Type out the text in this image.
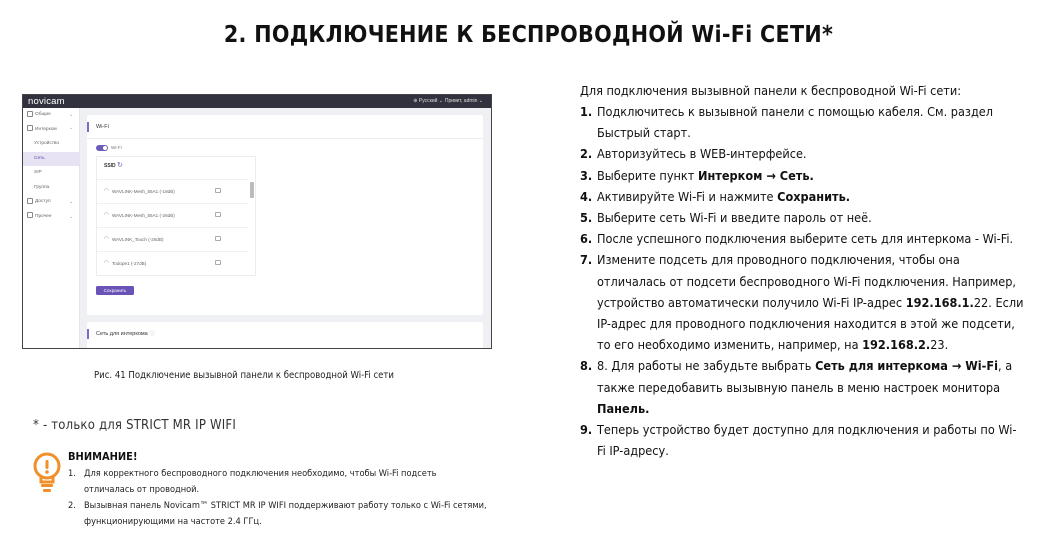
2. ПОДКЛЮЧЕНИЕ К БЕСПРОВОДНОЙ Wi-Fi СЕТИ*
novicam	⊕ Русский ⌄ Привет, admin ⌄
Общие	⌄
Интерком	⌃
Устройство
Сеть
SIP
Группа
Доступ	⌄
Прочее	⌄
Wi-Fi
Wi-Fi
SSID ↻
◠ WAVLINK-Mesh_55A1 (-18dB)
◠ WAVLINK-Mesh_55A1 (-26dB)
◠ WAVLINK_Touch (-26dB)
◠ Todope1 (-27dB)
Сохранить
Сеть для интеркома ⓘ
Рис. 41 Подключение вызывной панели к беспроводной Wi-Fi сети
* - только для STRICT MR IP WIFI
ВНИМАНИЕ!
1. Для корректного беспроводного подключения необходимо, чтобы Wi-Fi подсеть отличалась от проводной.
2. Вызывная панель Novicam™ STRICT MR IP WIFI поддерживают работу только с Wi-Fi сетями, функционирующими на частоте 2.4 ГГц.
Для подключения вызывной панели к беспроводной Wi-Fi сети:
1. Подключитесь к вызывной панели с помощью кабеля. См. раздел Быстрый старт.
2. Авторизуйтесь в WEB-интерфейсе.
3. Выберите пункт Интерком → Сеть.
4. Активируйте Wi-Fi и нажмите Сохранить.
5. Выберите сеть Wi-Fi и введите пароль от неё.
6. После успешного подключения выберите сеть для интеркома - Wi-Fi.
7. Измените подсеть для проводного подключения, чтобы она отличалась от подсети беспроводного Wi-Fi подключения. Например, устройство автоматически получило Wi-Fi IP-адрес 192.168.1.22. Если IP-адрес для проводного подключения находится в этой же подсети, то его необходимо изменить, например, на 192.168.2.23.
8. 8. Для работы не забудьте выбрать Сеть для интеркома → Wi-Fi, а также передобавить вызывную панель в меню настроек монитора Панель.
9. Теперь устройство будет доступно для подключения и работы по Wi-Fi IP-адресу.
